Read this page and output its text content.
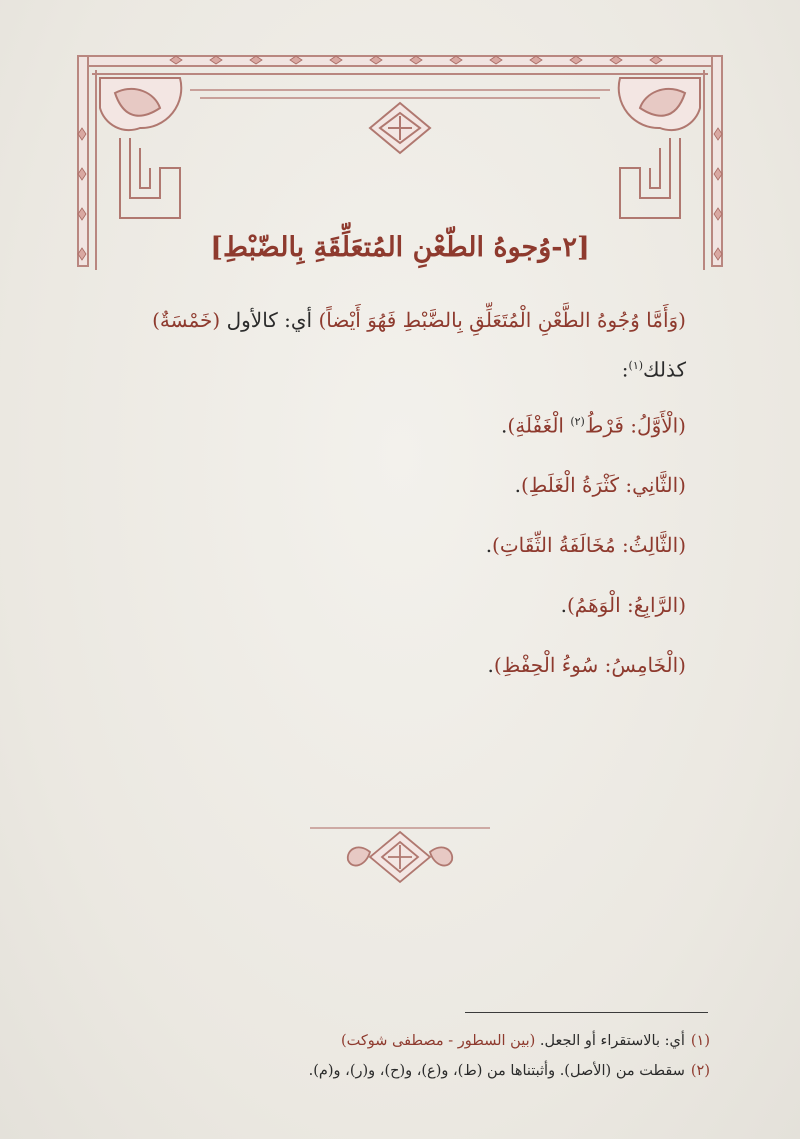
[٢-وُجوهُ الطّعْنِ المُتعَلِّقَةِ بِالضّبْطِ]

(وَأَمَّا وُجُوهُ الطَّعْنِ الْمُتَعَلِّقِ بِالضَّبْطِ فَهُوَ أَيْضاً) أي: كالأول (خَمْسَةٌ)

كذلك$^{(١)}$:

(الْأَوَّلُ: فَرْطُ$^{(٢)}$ الْغَفْلَةِ).
(الثَّانِي: كَثْرَةُ الْغَلَطِ).
(الثَّالِثُ: مُخَالَفَةُ الثِّقَاتِ).
(الرَّابِعُ: الْوَهَمُ).
(الْخَامِسُ: سُوءُ الْحِفْظِ).
(١)أي: بالاستقراء أو الجعل. (بين السطور - مصطفى شوكت)
(٢)سقطت من (الأصل). وأثبتناها من (ط)، و(ع)، و(ح)، و(ر)، و(م).
